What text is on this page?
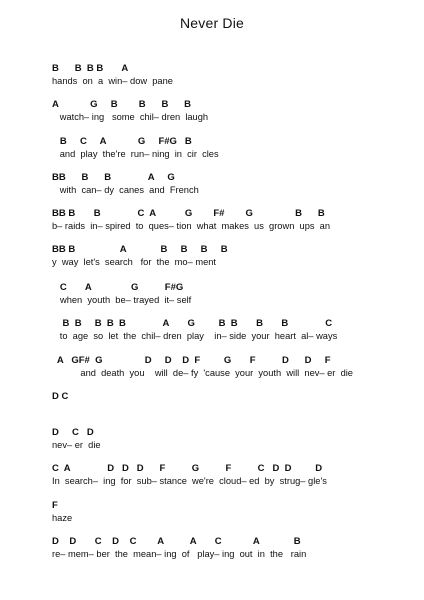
Never Die
B      B  B B       A
hands  on  a  win– dow  pane
A            G     B        B      B      B
watch– ing   some  chil– dren  laugh
B     C     A            G     F#G   B
and  play  the're  run– ning  in  cir  cles
BB      B      B              A     G
with  can– dy  canes  and  French
BB B       B              C  A           G        F#        G                B      B
b– raids  in– spired  to  ques– tion  what  makes  us  grown  ups  an
BB B                 A             B     B     B     B
y  way  let's  search   for  the  mo– ment
C       A               G          F#G
when  youth  be– trayed  it– self
B  B     B  B  B              A       G         B  B       B       B              C
to  age  so  let  the  chil– dren  play    in– side  your  heart  al– ways
A   GF#  G                D     D    D  F         G       F          D      D     F
and  death  you    will  de– fy  'cause  your  youth  will  nev– er  die
D C
D     C   D
nev– er  die
C  A              D   D   D      F          G          F          C   D  D         D
In  search–  ing  for  sub– stance  we're  cloud– ed  by  strug– gle's
F
haze
D    D       C    D    C        A          A       C            A             B
re– mem– ber  the  mean– ing  of   play– ing  out  in  the   rain
